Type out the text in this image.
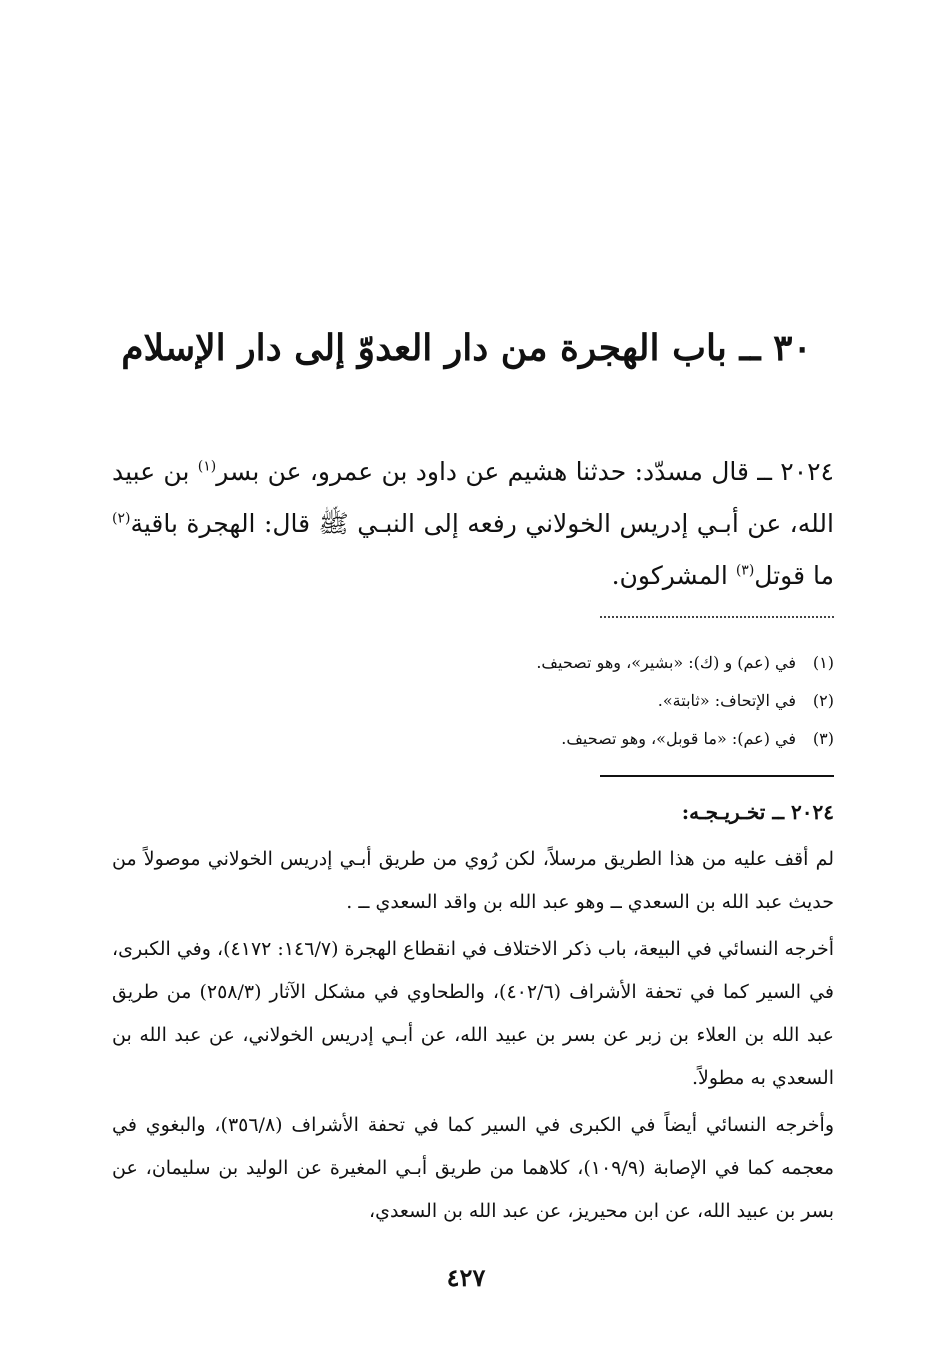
٣٠ ــ باب الهجرة من دار العدوّ إلى دار الإسلام

٢٠٢٤ ــ قال مسدّد: حدثنا هشيم عن داود بن عمرو، عن بسر$^{(١)}$ بن عبيد الله، عن أبـي إدريس الخولاني رفعه إلى النبـي ﷺ قال: الهجرة باقية$^{(٢)}$ ما قوتل$^{(٣)}$ المشركون.

(١)في (عم) و (ك): «بشير»، وهو تصحيف.
(٢)في الإتحاف: «ثابتة».
(٣)في (عم): «ما قوبل»، وهو تصحيف.
٢٠٢٤ ــ تخـريـجـه:

لم أقف عليه من هذا الطريق مرسلاً، لكن رُوي من طريق أبـي إدريس الخولاني موصولاً من حديث عبد الله بن السعدي ــ وهو عبد الله بن واقد السعدي ــ .

أخرجه النسائي في البيعة، باب ذكر الاختلاف في انقطاع الهجرة (١٤٦/٧: ٤١٧٢)، وفي الكبرى، في السير كما في تحفة الأشراف (٤٠٢/٦)، والطحاوي في مشكل الآثار (٢٥٨/٣) من طريق عبد الله بن العلاء بن زبر عن بسر بن عبيد الله، عن أبـي إدريس الخولاني، عن عبد الله بن السعدي به مطولاً.

وأخرجه النسائي أيضاً في الكبرى في السير كما في تحفة الأشراف (٣٥٦/٨)، والبغوي في معجمه كما في الإصابة (١٠٩/٩)، كلاهما من طريق أبـي المغيرة عن الوليد بن سليمان، عن بسر بن عبيد الله، عن ابن محيريز، عن عبد الله بن السعدي،

٤٢٧
